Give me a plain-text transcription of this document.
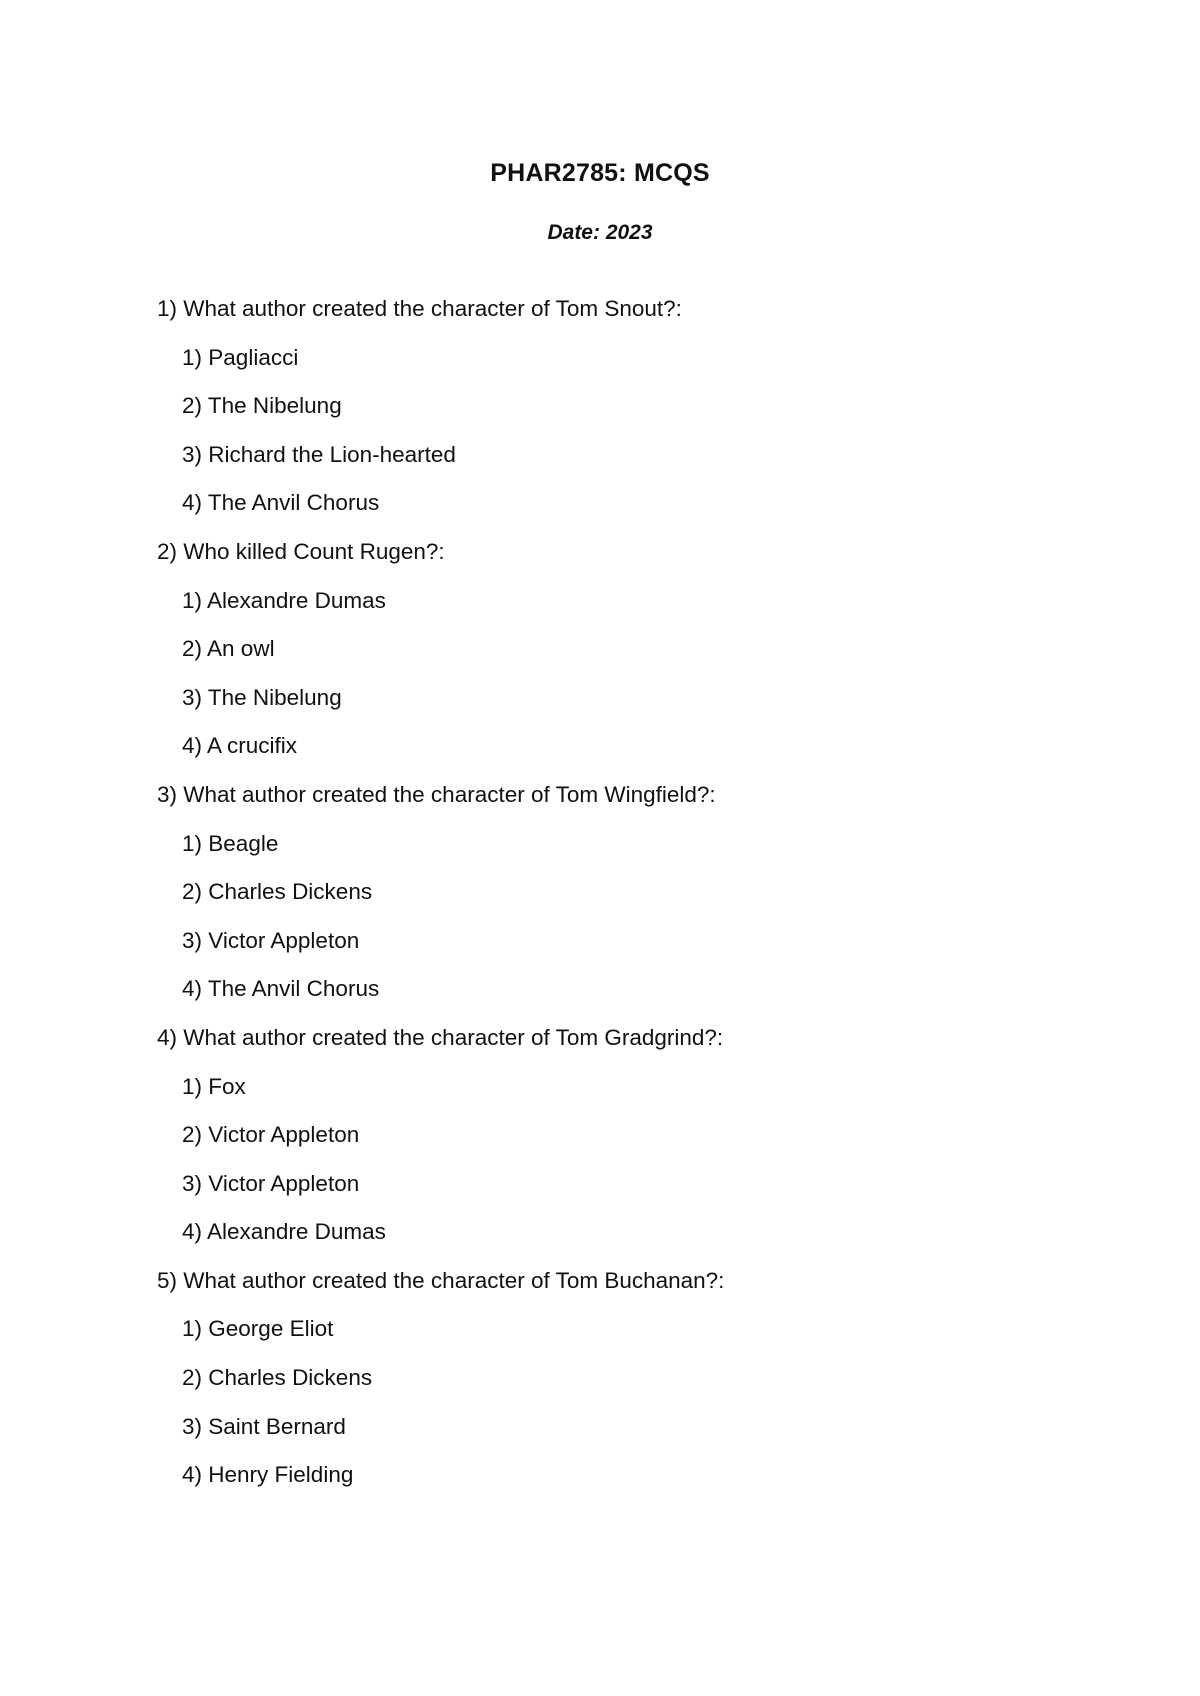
PHAR2785: MCQS
Date: 2023
1) What author created the character of Tom Snout?:
1) Pagliacci
2) The Nibelung
3) Richard the Lion-hearted
4) The Anvil Chorus
2) Who killed Count Rugen?:
1) Alexandre Dumas
2) An owl
3) The Nibelung
4) A crucifix
3) What author created the character of Tom Wingfield?:
1) Beagle
2) Charles Dickens
3) Victor Appleton
4) The Anvil Chorus
4) What author created the character of Tom Gradgrind?:
1) Fox
2) Victor Appleton
3) Victor Appleton
4) Alexandre Dumas
5) What author created the character of Tom Buchanan?:
1) George Eliot
2) Charles Dickens
3) Saint Bernard
4) Henry Fielding
